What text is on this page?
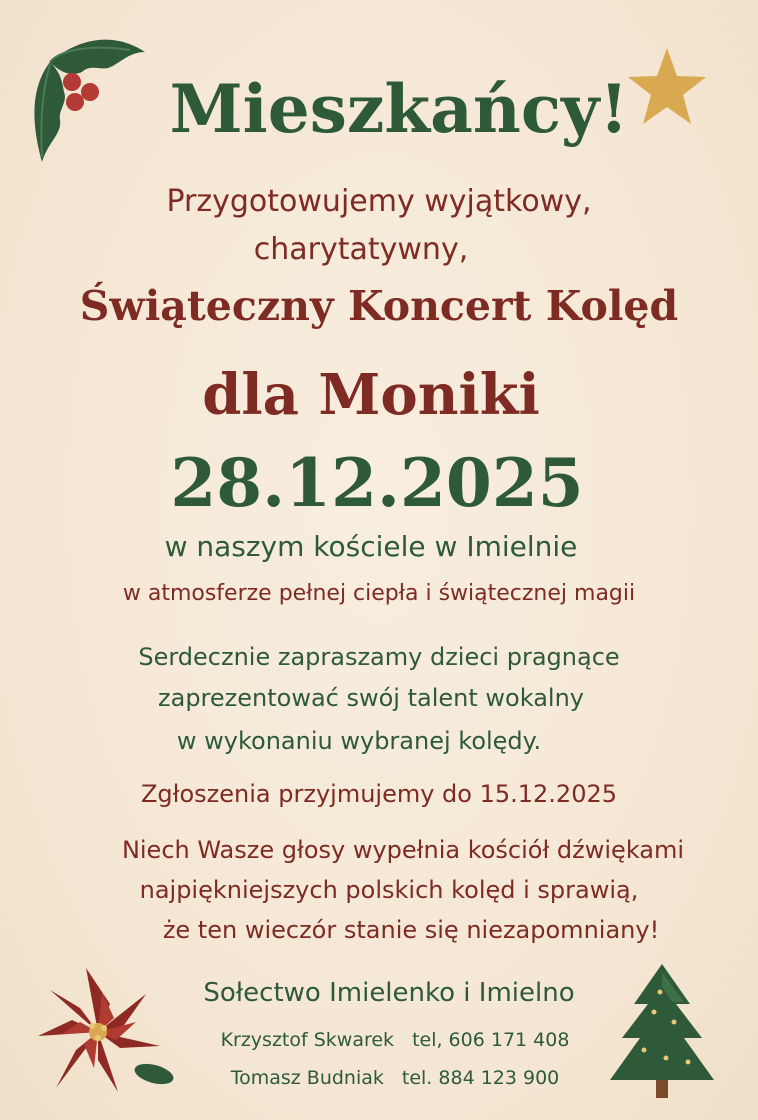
Mieszkańcy!

Przygotowujemy wyjątkowy,

charytatywny,

Świąteczny Koncert Kolęd

dla Moniki

28.12.2025

w naszym kościele w Imielnie

w atmosferze pełnej ciepła i świątecznej magii

Serdecznie zapraszamy dzieci pragnące

zaprezentować swój talent wokalny

w wykonaniu wybranej kolędy.

Zgłoszenia przyjmujemy do 15.12.2025

Niech Wasze głosy wypełnia kościół dźwiękami

najpiękniejszych polskich kolęd i sprawią,

że ten wieczór stanie się niezapomniany!

Sołectwo Imielenko i Imielno

Krzysztof Skwarek tel, 606 171 408

Tomasz Budniak tel. 884 123 900
